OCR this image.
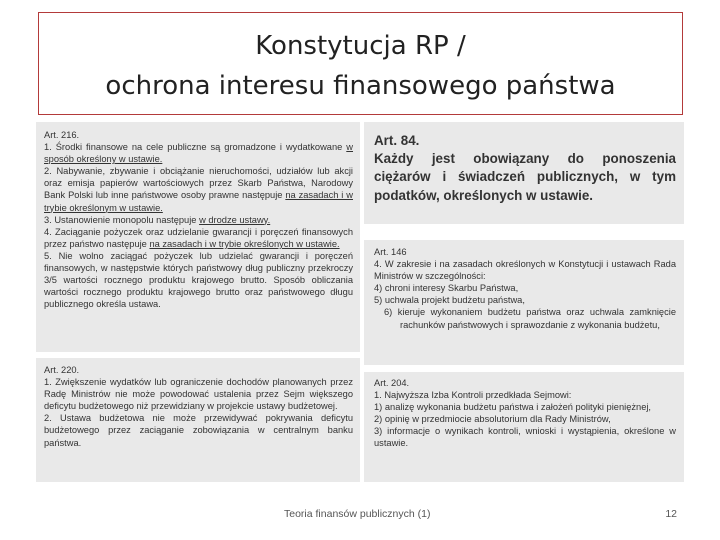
Konstytucja RP /
ochrona interesu finansowego państwa

Art. 216.

1. Środki finansowe na cele publiczne są gromadzone i wydatkowane w sposób określony w ustawie.

2. Nabywanie, zbywanie i obciążanie nieruchomości, udziałów lub akcji oraz emisja papierów wartościowych przez Skarb Państwa, Narodowy Bank Polski lub inne państwowe osoby prawne następuje na zasadach i w trybie określonym w ustawie.

3. Ustanowienie monopolu następuje w drodze ustawy.

4. Zaciąganie pożyczek oraz udzielanie gwarancji i poręczeń finansowych przez państwo następuje na zasadach i w trybie określonych w ustawie.

5. Nie wolno zaciągać pożyczek lub udzielać gwarancji i poręczeń finansowych, w następstwie których państwowy dług publiczny przekroczy 3/5 wartości rocznego produktu krajowego brutto. Sposób obliczania wartości rocznego produktu krajowego brutto oraz państwowego długu publicznego określa ustawa.

Art. 220.

1. Zwiększenie wydatków lub ograniczenie dochodów planowanych przez Radę Ministrów nie może powodować ustalenia przez Sejm większego deficytu budżetowego niż przewidziany w projekcie ustawy budżetowej.

2. Ustawa budżetowa nie może przewidywać pokrywania deficytu budżetowego przez zaciąganie zobowiązania w centralnym banku państwa.

Art. 84.

Każdy jest obowiązany do ponoszenia ciężarów i świadczeń publicznych, w tym podatków, określonych w ustawie.

Art. 146

4. W zakresie i na zasadach określonych w Konstytucji i ustawach Rada Ministrów w szczególności:

4) chroni interesy Skarbu Państwa,

5) uchwala projekt budżetu państwa,

6) kieruje wykonaniem budżetu państwa oraz uchwala zamknięcie rachunków państwowych i sprawozdanie z wykonania budżetu,

Art. 204.

1. Najwyższa Izba Kontroli przedkłada Sejmowi:

1) analizę wykonania budżetu państwa i założeń polityki pieniężnej,

2) opinię w przedmiocie absolutorium dla Rady Ministrów,

3) informacje o wynikach kontroli, wnioski i wystąpienia, określone w ustawie.

Teoria finansów publicznych (1)	12
